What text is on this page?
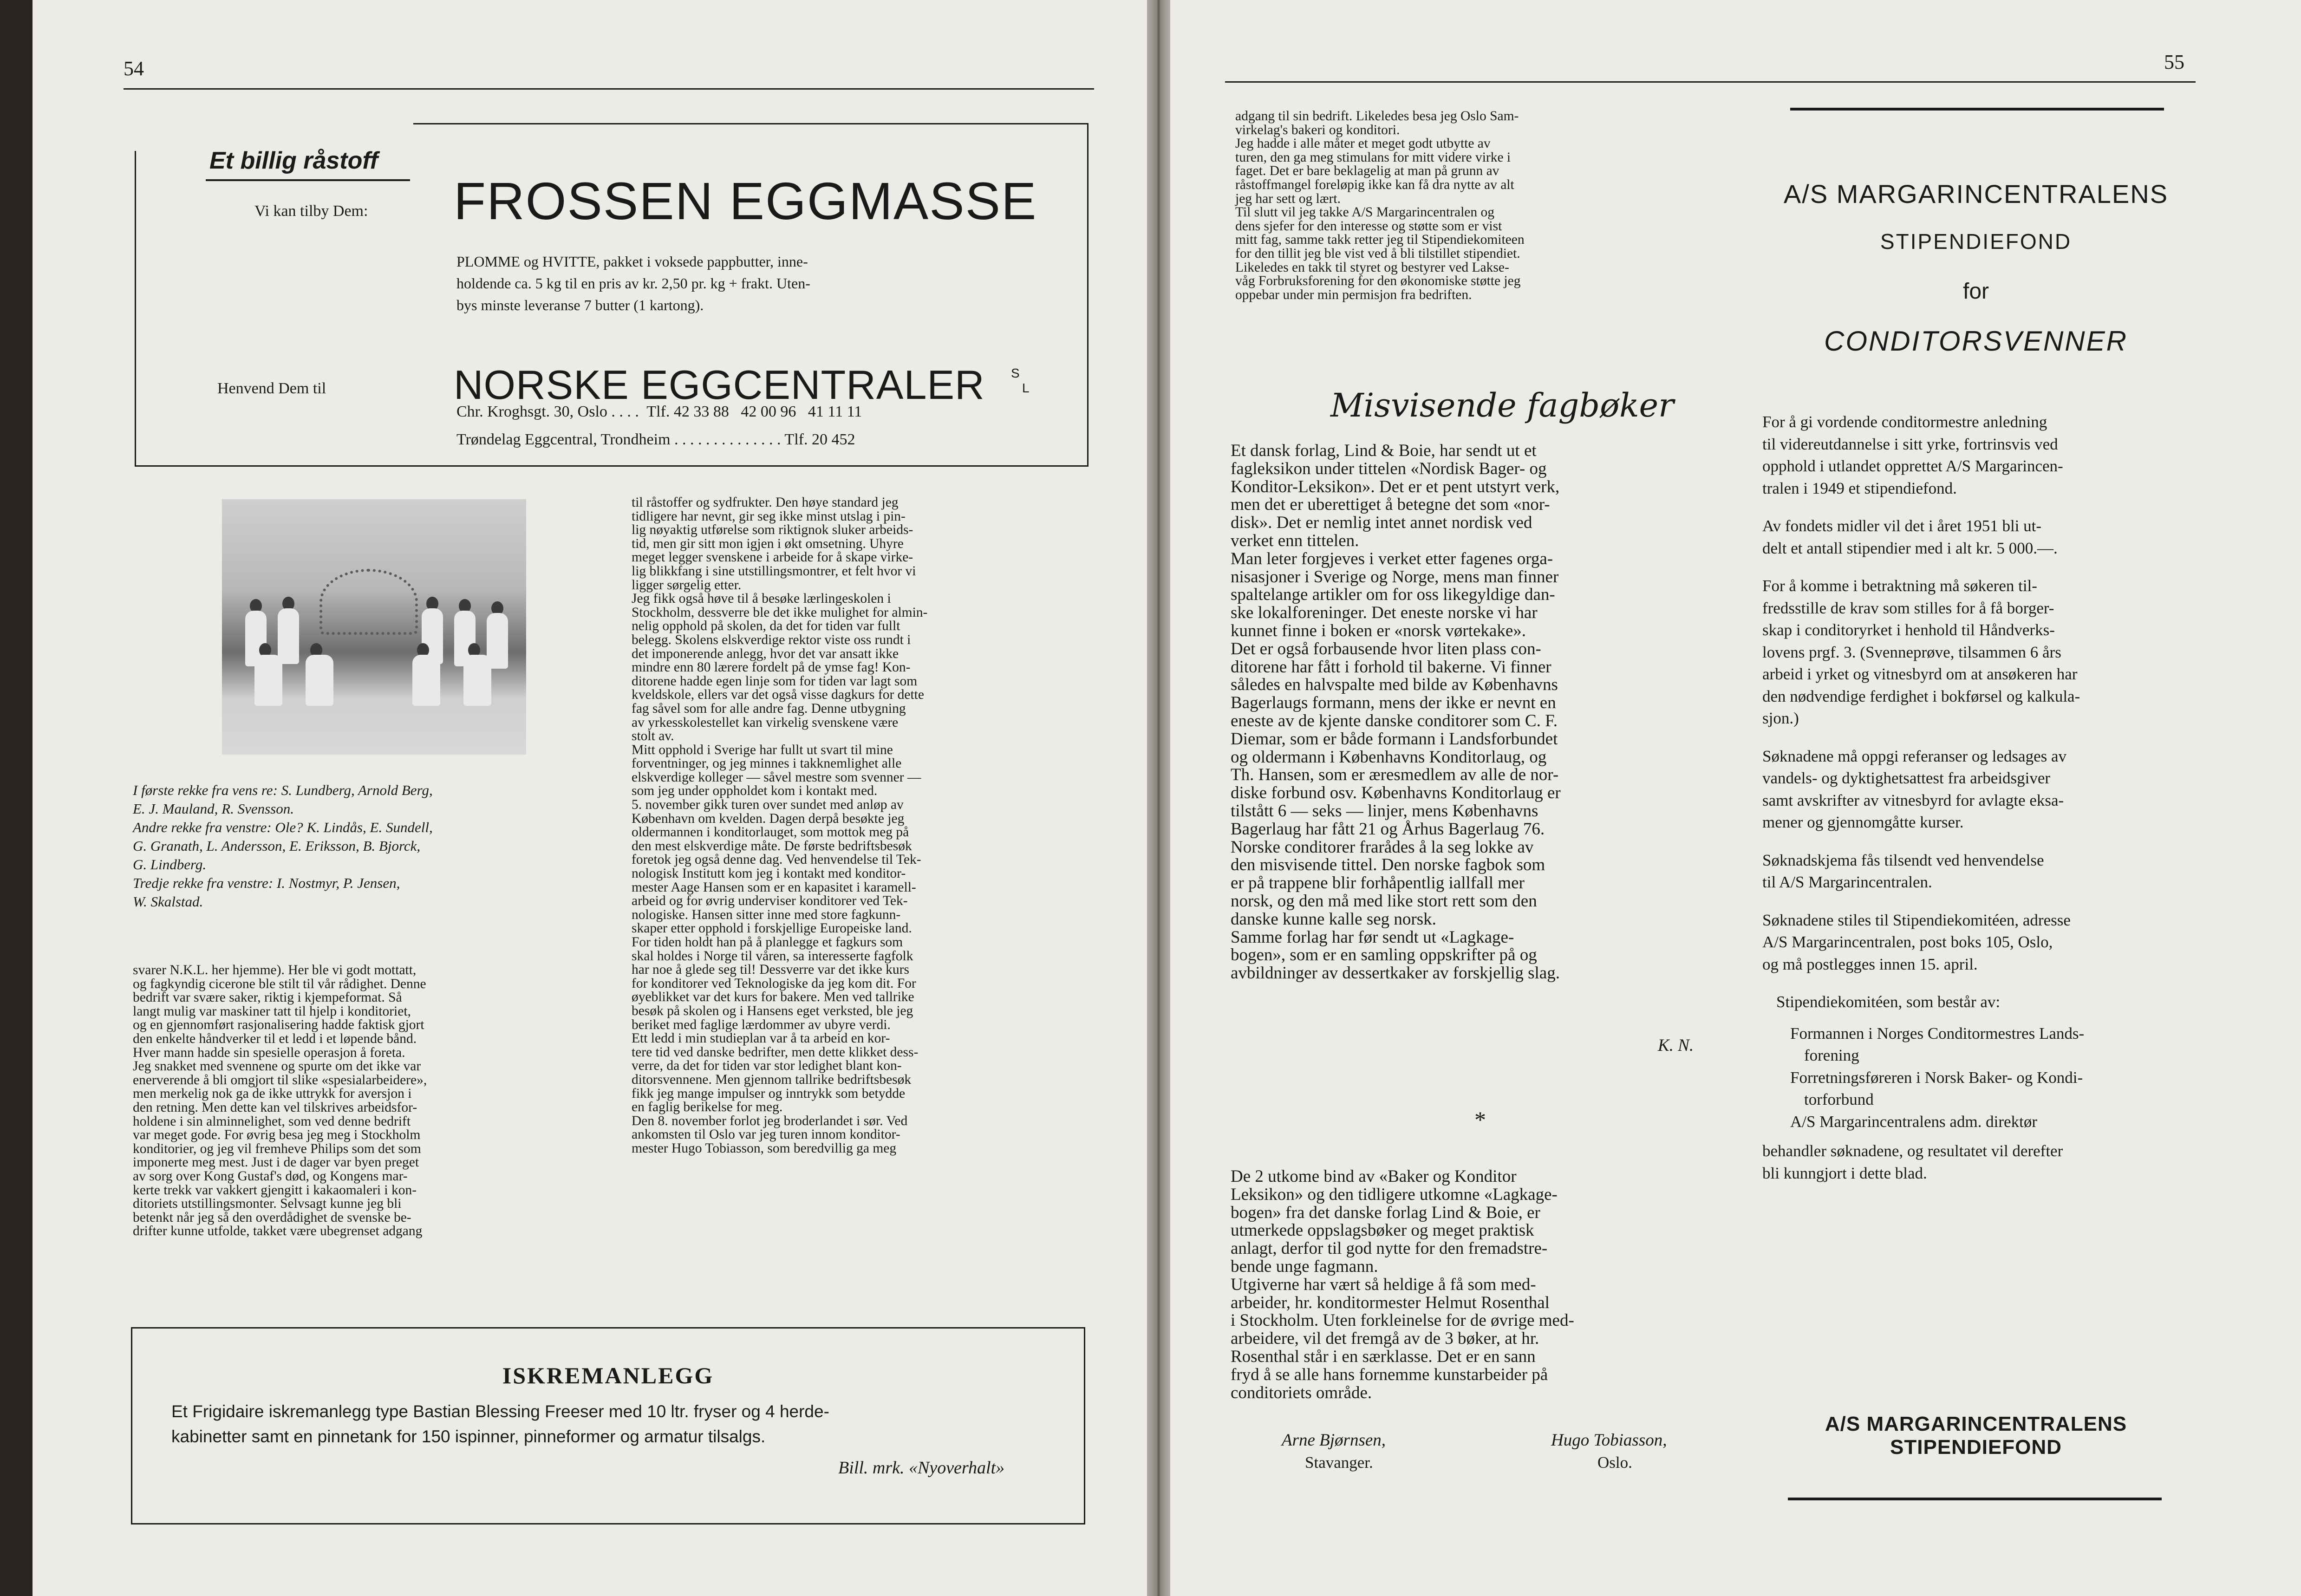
54
Et billig råstoff
Vi kan tilby Dem: FROSSEN EGGMASSE
PLOMME og HVITTE, pakket i voksede pappbutter, inne-
holdende ca. 5 kg til en pris av kr. 2,50 pr. kg + frakt. Uten-
bys minste leveranse 7 butter (1 kartong).
Henvend Dem til	NORSKE EGGCENTRALER S
L
Chr. Kroghsgt. 30, Oslo . . . .  Tlf. 42 33 88   42 00 96   41 11 11
Trøndelag Eggcentral, Trondheim . . . . . . . . . . . . . . Tlf. 20 452

I første rekke fra vens re: S. Lundberg, Arnold Berg,

E. J. Mauland, R. Svensson.

Andre rekke fra venstre: Ole? K. Lindås, E. Sundell,

G. Granath, L. Andersson, E. Eriksson, B. Bjorck,

G. Lindberg.

Tredje rekke fra venstre: I. Nostmyr, P. Jensen,

W. Skalstad.

svarer N.K.L. her hjemme). Her ble vi godt mottatt,

og fagkyndig cicerone ble stilt til vår rådighet. Denne

bedrift var svære saker, riktig i kjempeformat. Så

langt mulig var maskiner tatt til hjelp i konditoriet,

og en gjennomført rasjonalisering hadde faktisk gjort

den enkelte håndverker til et ledd i et løpende bånd.

Hver mann hadde sin spesielle operasjon å foreta.

Jeg snakket med svennene og spurte om det ikke var

enerverende å bli omgjort til slike «spesialarbeidere»,

men merkelig nok ga de ikke uttrykk for aversjon i

den retning. Men dette kan vel tilskrives arbeidsfor-

holdene i sin alminnelighet, som ved denne bedrift

var meget gode. For øvrig besa jeg meg i Stockholm

konditorier, og jeg vil fremheve Philips som det som

imponerte meg mest. Just i de dager var byen preget

av sorg over Kong Gustaf's død, og Kongens mar-

kerte trekk var vakkert gjengitt i kakaomaleri i kon-

ditoriets utstillingsmonter. Selvsagt kunne jeg bli

betenkt når jeg så den overdådighet de svenske be-

drifter kunne utfolde, takket være ubegrenset adgang

til råstoffer og sydfrukter. Den høye standard jeg

tidligere har nevnt, gir seg ikke minst utslag i pin-

lig nøyaktig utførelse som riktignok sluker arbeids-

tid, men gir sitt mon igjen i økt omsetning. Uhyre

meget legger svenskene i arbeide for å skape virke-

lig blikkfang i sine utstillingsmontrer, et felt hvor vi

ligger sørgelig etter.

Jeg fikk også høve til å besøke lærlingeskolen i

Stockholm, dessverre ble det ikke mulighet for almin-

nelig opphold på skolen, da det for tiden var fullt

belegg. Skolens elskverdige rektor viste oss rundt i

det imponerende anlegg, hvor det var ansatt ikke

mindre enn 80 lærere fordelt på de ymse fag! Kon-

ditorene hadde egen linje som for tiden var lagt som

kveldskole, ellers var det også visse dagkurs for dette

fag såvel som for alle andre fag. Denne utbygning

av yrkesskolestellet kan virkelig svenskene være

stolt av.

Mitt opphold i Sverige har fullt ut svart til mine

forventninger, og jeg minnes i takknemlighet alle

elskverdige kolleger — såvel mestre som svenner —

som jeg under oppholdet kom i kontakt med.

5. november gikk turen over sundet med anløp av

København om kvelden. Dagen derpå besøkte jeg

oldermannen i konditorlauget, som mottok meg på

den mest elskverdige måte. De første bedriftsbesøk

foretok jeg også denne dag. Ved henvendelse til Tek-

nologisk Institutt kom jeg i kontakt med konditor-

mester Aage Hansen som er en kapasitet i karamell-

arbeid og for øvrig underviser konditorer ved Tek-

nologiske. Hansen sitter inne med store fagkunn-

skaper etter opphold i forskjellige Europeiske land.

For tiden holdt han på å planlegge et fagkurs som

skal holdes i Norge til våren, sa interesserte fagfolk

har noe å glede seg til! Dessverre var det ikke kurs

for konditorer ved Teknologiske da jeg kom dit. For

øyeblikket var det kurs for bakere. Men ved tallrike

besøk på skolen og i Hansens eget verksted, ble jeg

beriket med faglige lærdommer av ubyre verdi.

Ett ledd i min studieplan var å ta arbeid en kor-

tere tid ved danske bedrifter, men dette klikket dess-

verre, da det for tiden var stor ledighet blant kon-

ditorsvennene. Men gjennom tallrike bedriftsbesøk

fikk jeg mange impulser og inntrykk som betydde

en faglig berikelse for meg.

Den 8. november forlot jeg broderlandet i sør. Ved

ankomsten til Oslo var jeg turen innom konditor-

mester Hugo Tobiasson, som beredvillig ga meg

ISKREMANLEGG
Et Frigidaire iskremanlegg type Bastian Blessing Freeser med 10 ltr. fryser og 4 herde-
kabinetter samt en pinnetank for 150 ispinner, pinneformer og armatur tilsalgs.
Bill. mrk. «Nyoverhalt»
55

adgang til sin bedrift. Likeledes besa jeg Oslo Sam-

virkelag's bakeri og konditori.

Jeg hadde i alle måter et meget godt utbytte av

turen, den ga meg stimulans for mitt videre virke i

faget. Det er bare beklagelig at man på grunn av

råstoffmangel foreløpig ikke kan få dra nytte av alt

jeg har sett og lært.

Til slutt vil jeg takke A/S Margarincentralen og

dens sjefer for den interesse og støtte som er vist

mitt fag, samme takk retter jeg til Stipendiekomiteen

for den tillit jeg ble vist ved å bli tilstillet stipendiet.

Likeledes en takk til styret og bestyrer ved Lakse-

våg Forbruksforening for den økonomiske støtte jeg

oppebar under min permisjon fra bedriften.

Misvisende fagbøker

Et dansk forlag, Lind & Boie, har sendt ut et

fagleksikon under tittelen «Nordisk Bager- og

Konditor-Leksikon». Det er et pent utstyrt verk,

men det er uberettiget å betegne det som «nor-

disk». Det er nemlig intet annet nordisk ved

verket enn tittelen.

Man leter forgjeves i verket etter fagenes orga-

nisasjoner i Sverige og Norge, mens man finner

spaltelange artikler om for oss likegyldige dan-

ske lokalforeninger. Det eneste norske vi har

kunnet finne i boken er «norsk vørtekake».

Det er også forbausende hvor liten plass con-

ditorene har fått i forhold til bakerne. Vi finner

således en halvspalte med bilde av Københavns

Bagerlaugs formann, mens der ikke er nevnt en

eneste av de kjente danske conditorer som C. F.

Diemar, som er både formann i Landsforbundet

og oldermann i Københavns Konditorlaug, og

Th. Hansen, som er æresmedlem av alle de nor-

diske forbund osv. Københavns Konditorlaug er

tilstått 6 — seks — linjer, mens Københavns

Bagerlaug har fått 21 og Århus Bagerlaug 76.

Norske conditorer frarådes å la seg lokke av

den misvisende tittel. Den norske fagbok som

er på trappene blir forhåpentlig iallfall mer

norsk, og den må med like stort rett som den

danske kunne kalle seg norsk.

Samme forlag har før sendt ut «Lagkage-

bogen», som er en samling oppskrifter på og

avbildninger av dessertkaker av forskjellig slag.

K. N.
*

De 2 utkome bind av «Baker og Konditor

Leksikon» og den tidligere utkomne «Lagkage-

bogen» fra det danske forlag Lind & Boie, er

utmerkede oppslagsbøker og meget praktisk

anlagt, derfor til god nytte for den fremadstre-

bende unge fagmann.

Utgiverne har vært så heldige å få som med-

arbeider, hr. konditormester Helmut Rosenthal

i Stockholm. Uten forkleinelse for de øvrige med-

arbeidere, vil det fremgå av de 3 bøker, at hr.

Rosenthal står i en særklasse. Det er en sann

fryd å se alle hans fornemme kunstarbeider på

conditoriets område.

Arne Bjørnsen,
Stavanger.
Hugo Tobiasson,
Oslo.
A/S MARGARINCENTRALENS
STIPENDIEFOND
for
CONDITORSVENNER

For å gi vordende conditormestre anledning

til videreutdannelse i sitt yrke, fortrinsvis ved

opphold i utlandet opprettet A/S Margarincen-

tralen i 1949 et stipendiefond.

Av fondets midler vil det i året 1951 bli ut-

delt et antall stipendier med i alt kr. 5 000.—.

For å komme i betraktning må søkeren til-

fredsstille de krav som stilles for å få borger-

skap i conditoryrket i henhold til Håndverks-

lovens prgf. 3. (Svenneprøve, tilsammen 6 års

arbeid i yrket og vitnesbyrd om at ansøkeren har

den nødvendige ferdighet i bokførsel og kalkula-

sjon.)

Søknadene må oppgi referanser og ledsages av

vandels- og dyktighetsattest fra arbeidsgiver

samt avskrifter av vitnesbyrd for avlagte eksa-

mener og gjennomgåtte kurser.

Søknadskjema fås tilsendt ved henvendelse

til A/S Margarincentralen.

Søknadene stiles til Stipendiekomitéen, adresse

A/S Margarincentralen, post boks 105, Oslo,

og må postlegges innen 15. april.

Stipendiekomitéen, som består av:

Formannen i Norges Conditormestres Lands-

forening

Forretningsføreren i Norsk Baker- og Kondi-

torforbund

A/S Margarincentralens adm. direktør

behandler søknadene, og resultatet vil derefter

bli kunngjort i dette blad.

A/S MARGARINCENTRALENS STIPENDIEFOND
